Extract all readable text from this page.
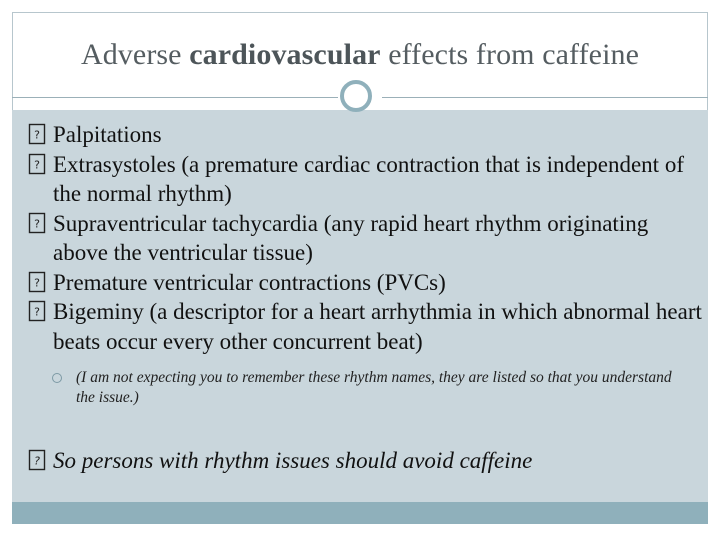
Adverse cardiovascular effects from caffeine
? Palpitations
? Extrasystoles (a premature cardiac contraction that is independent of the normal rhythm)
? Supraventricular tachycardia (any rapid heart rhythm originating above the ventricular tissue)
? Premature ventricular contractions (PVCs)
? Bigeminy (a descriptor for a heart arrhythmia in which abnormal heart beats occur every other concurrent beat)
(I am not expecting you to remember these rhythm names, they are listed so that you understand the issue.)
? So persons with rhythm issues should avoid caffeine
